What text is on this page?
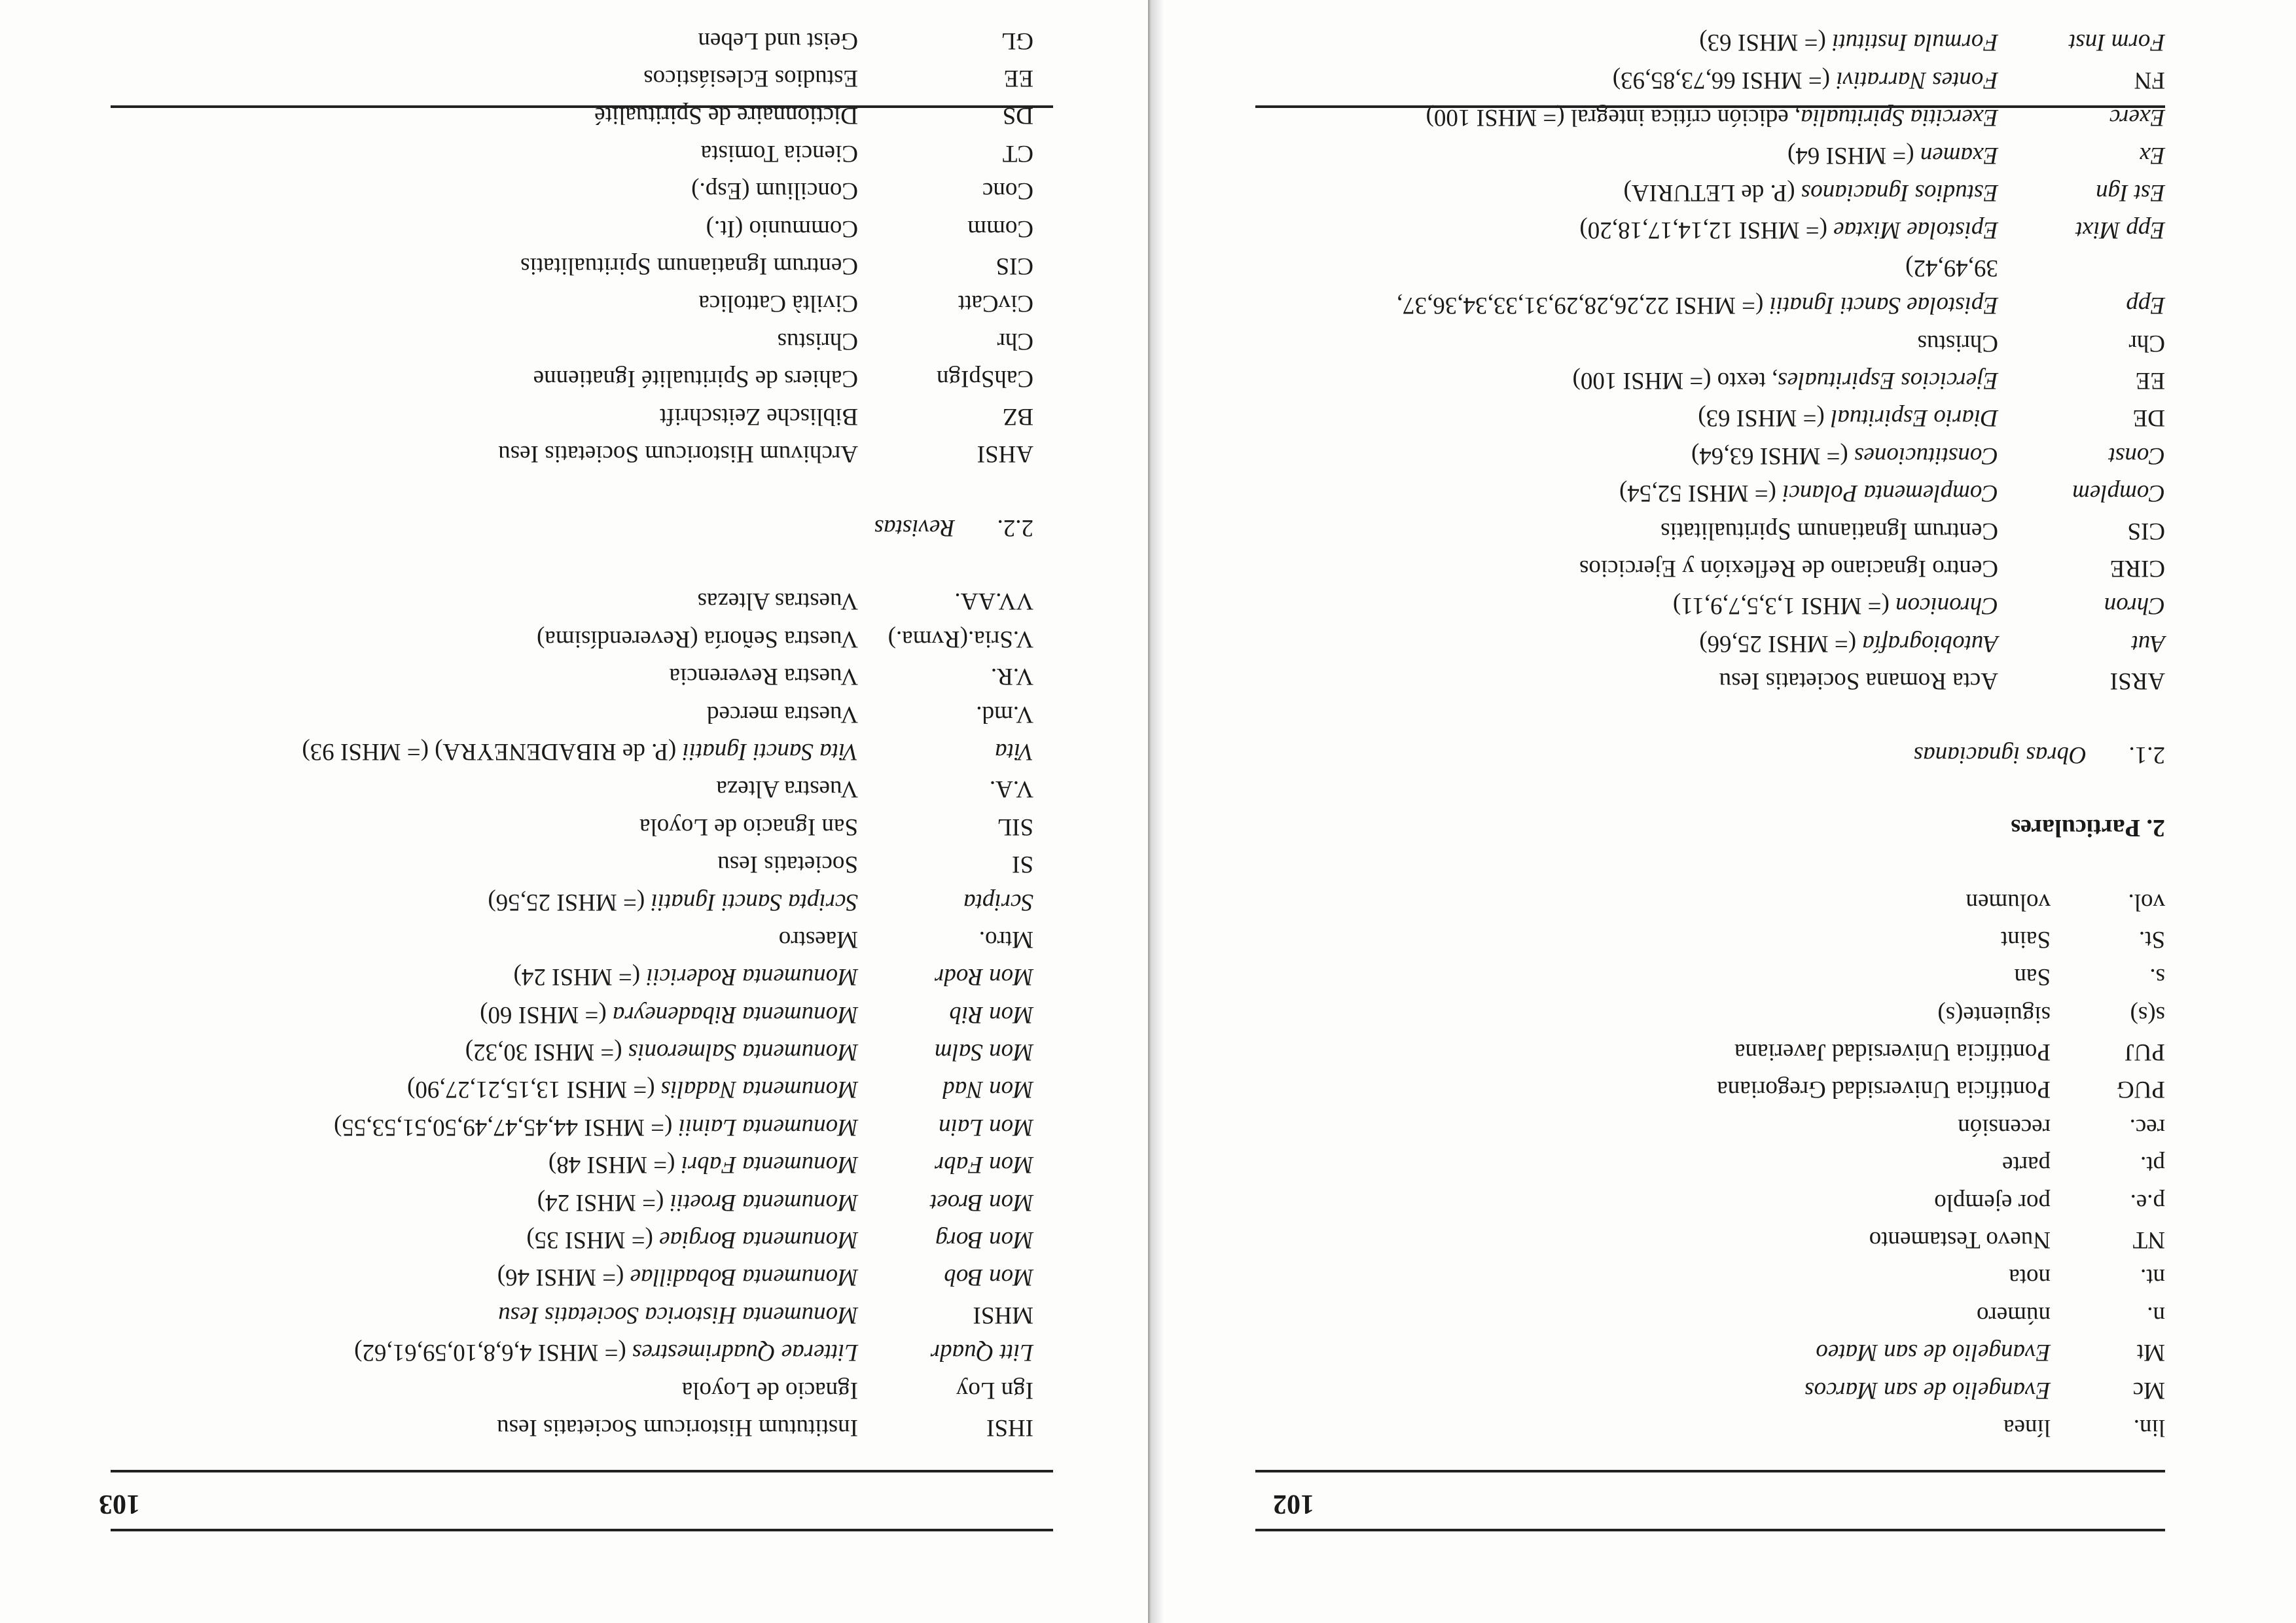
102
lin.
línea
Mc
Evangelio de san Marcos
Mt
Evangelio de san Mateo
n.
número
nt.
nota
NT
Nuevo Testamento
p.e.
por ejemplo
pt.
parte
rec.
recensión
PUG
Pontificia Universidad Gregoriana
PUJ
Pontificia Universidad Javeriana
s(s)
siguiente(s)
s.
San
St.
Saint
vol.
volumen
2. Particulares
2.1.Obras ignacianas
ARSI
Acta Romana Societatis Iesu
Aut
Autobiografía (= MHSI 25,66)
Chron
Chronicon (= MHSI 1,3,5,7,9,11)
CIRE
Centro Ignaciano de Reflexión y Ejercicios
CIS
Centrum Ignatianum Spiritualitatis
Complem
Complementa Polanci (= MHSI 52,54)
Const
Constituciones (= MHSI 63,64)
DE
Diario Espiritual (= MHSI 63)
EE
Ejercicios Espirituales, texto (= MHSI 100)
Chr
Christus
Epp
Epistolae Sancti Ignatii (= MHSI 22,26,28,29,31,33,34,36,37,
39,49,42)
Epp Mixt
Epistolae Mixtae (= MHSI 12,14,17,18,20)
Est Ign
Estudios Ignacianos (P. de LETURIA)
Ex
Examen (= MHSI 64)
Exerc
Exercitia Spiritualia, edición crítica integral (= MHSI 100)
FN
Fontes Narrativi (= MHSI 66,73,85,93)
Form Inst
Formula Instituti (= MHSI 63)
103
IHSI
Institutum Historicum Societatis Iesu
Ign Loy
Ignacio de Loyola
Litt Quadr
Litterae Quadrimestres (= MHSI 4,6,8,10,59,61,62)
MHSI
Monumenta Historica Societatis Iesu
Mon Bob
Monumenta Bobadillae (= MHSI 46)
Mon Borg
Monumenta Borgiae (= MHSI 35)
Mon Broet
Monumenta Broetii (= MHSI 24)
Mon Fabr
Monumenta Fabri (= MHSI 48)
Mon Lain
Monumenta Lainii (= MHSI 44,45,47,49,50,51,53,55)
Mon Nad
Monumenta Nadalis (= MHSI 13,15,21,27,90)
Mon Salm
Monumenta Salmeronis (= MHSI 30,32)
Mon Rib
Monumenta Ribadeneyra (= MHSI 60)
Mon Rodr
Monumenta Rodericii (= MHSI 24)
Mtro.
Maestro
Scripta
Scripta Sancti Ignatii (= MHSI 25,56)
SI
Societatis Iesu
SIL
San Ignacio de Loyola
V.A.
Vuestra Alteza
Vita
Vita Sancti Ignatii (P. de RIBADENEYRA) (= MHSI 93)
V.md.
Vuestra merced
V.R.
Vuestra Reverencia
V.Sria.(Rvma.)
Vuestra Señoría (Reverendísima)
VV.AA.
Vuestras Altezas
2.2.Revistas
AHSI
Archivum Historicum Societatis Iesu
BZ
Biblische Zeitschrift
CahSpIgn
Cahiers de Spiritualité Ignatienne
Chr
Christus
CivCatt
Civiltà Cattolica
CIS
Centrum Ignatianum Spiritualitatis
Comm
Communio (It.)
Conc
Concilium (Esp.)
CT
Ciencia Tomista
DS
Dictionnaire de Spiritualité
EE
Estudios Eclesiásticos
GL
Geist und Leben
